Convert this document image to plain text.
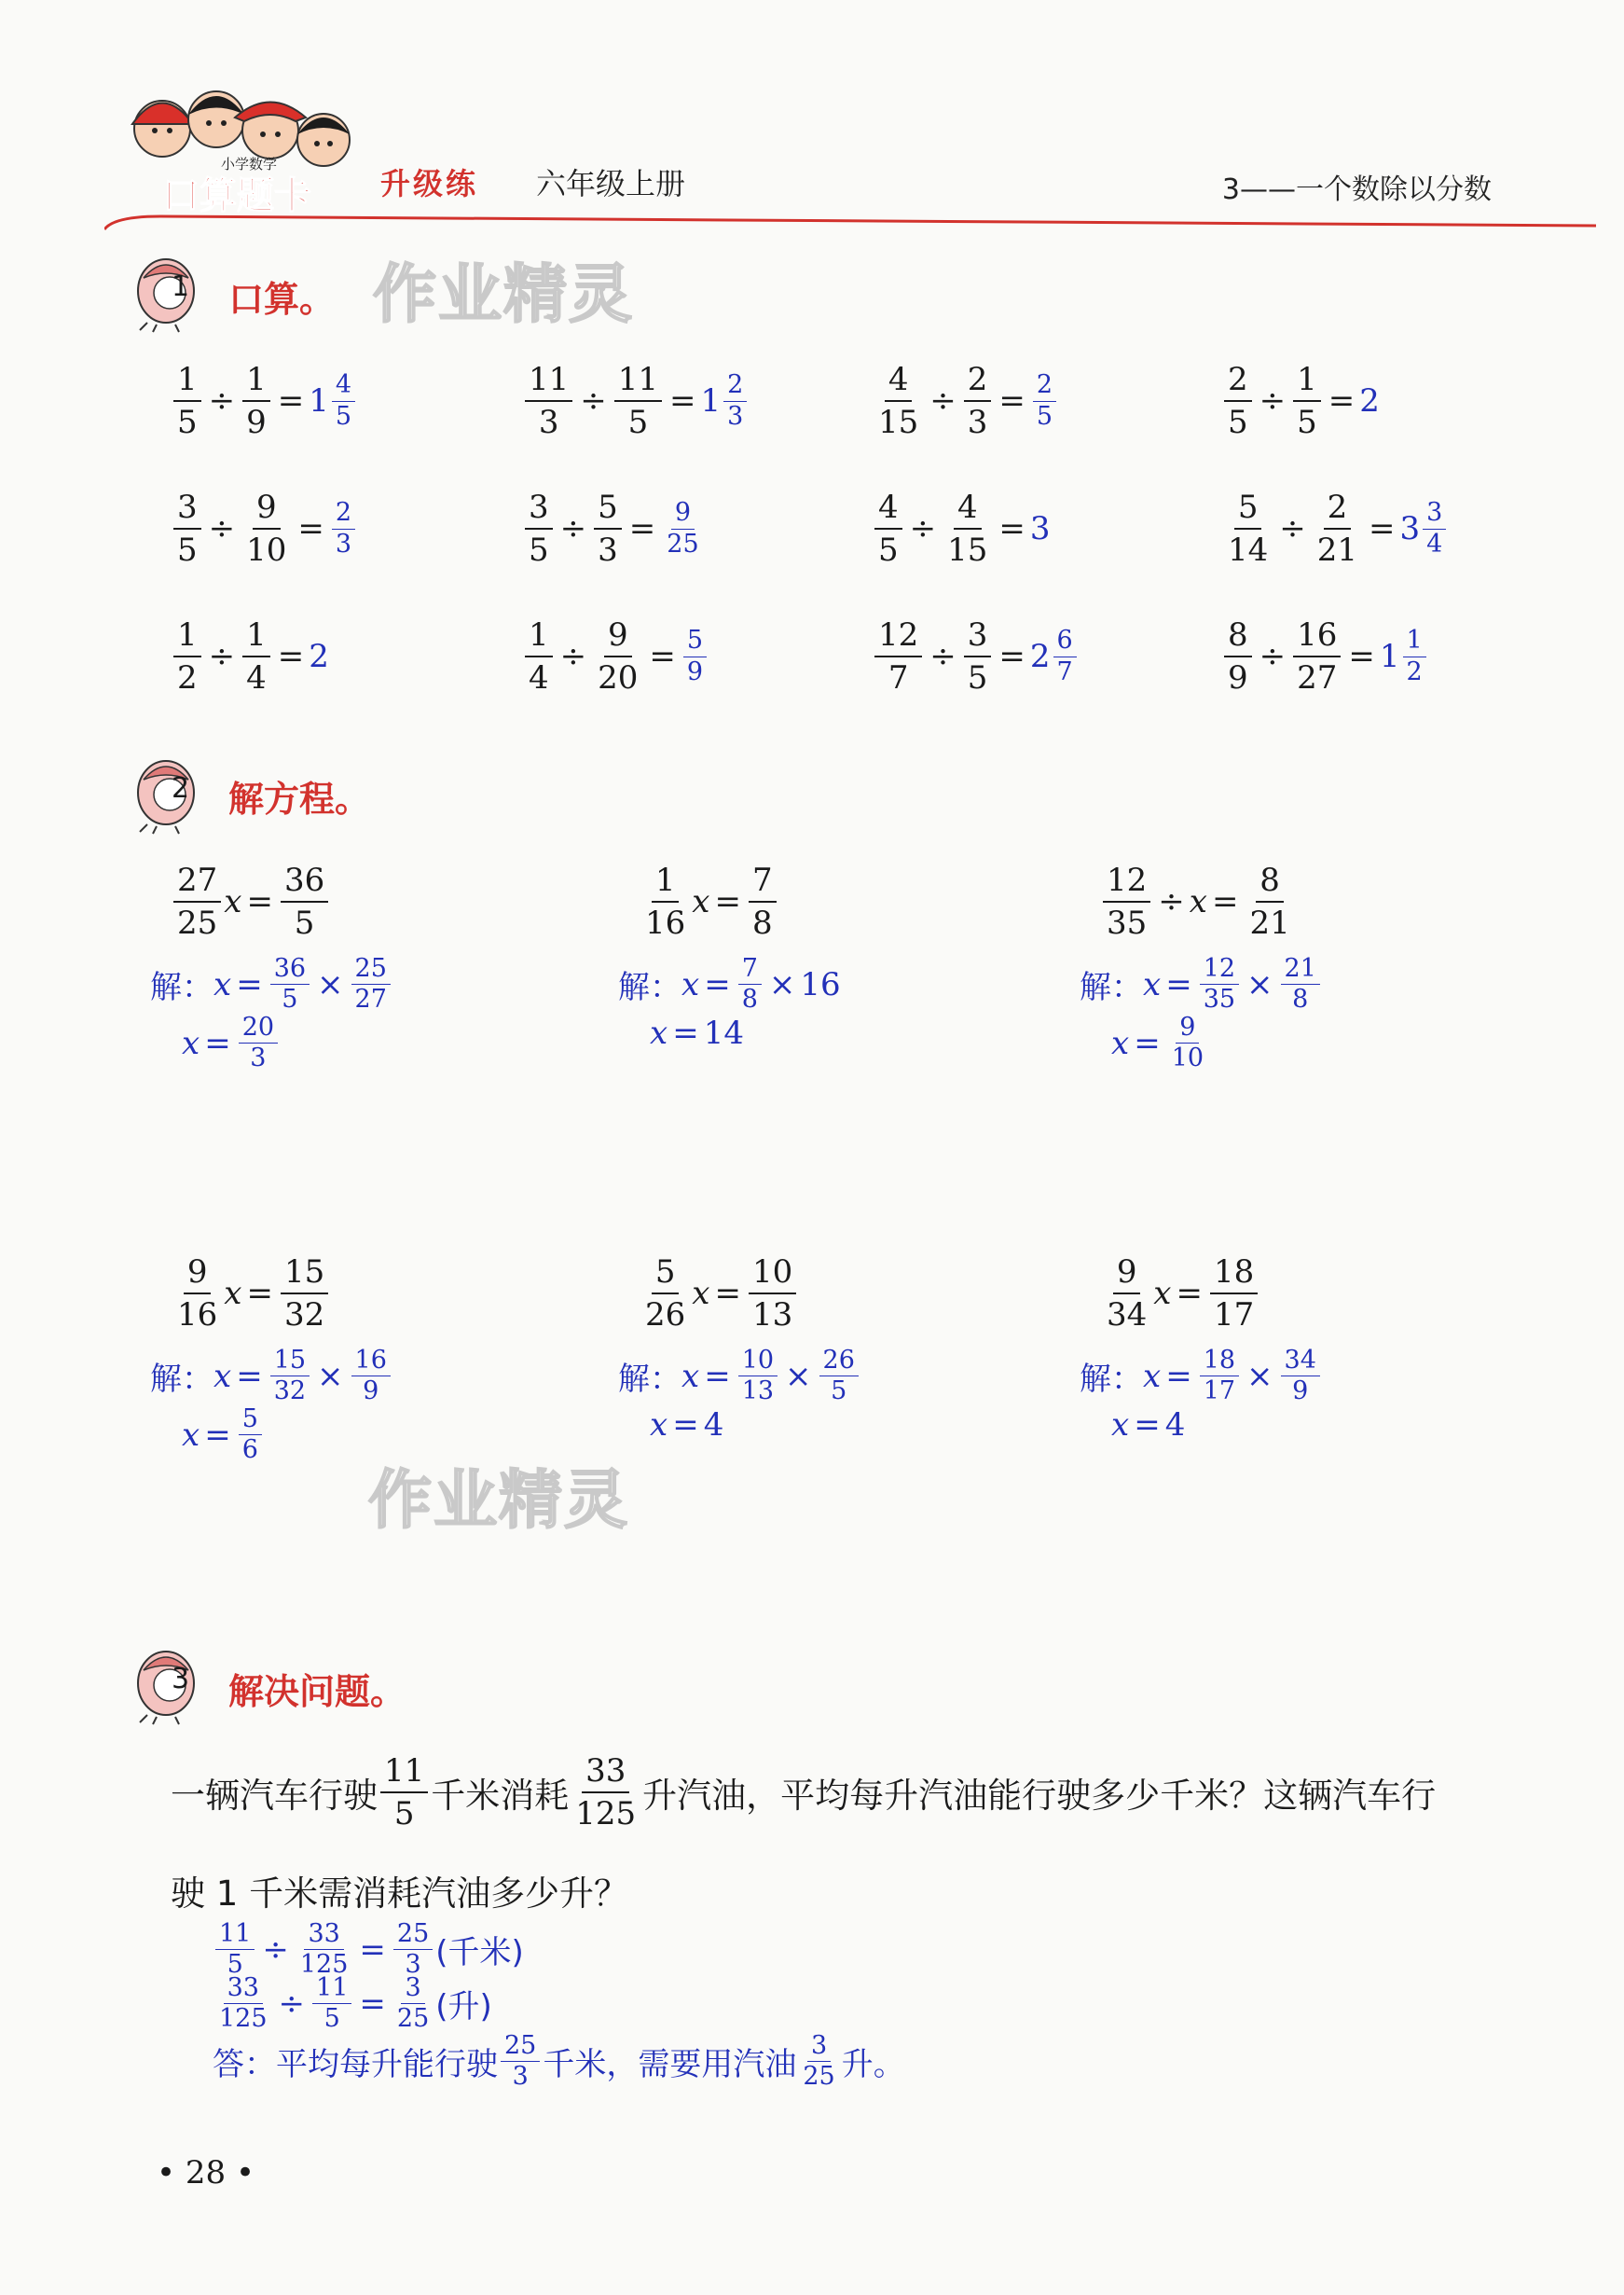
小学数学
口算题卡 升级练 六年级上册	3——一个数除以分数
1 口算。 作业精灵
$\frac{1}{5} \div \frac{1}{9} = 1 \frac{4}{5}$	$\frac{11}{3} \div \frac{11}{5} = 1 \frac{2}{3}$	$\frac{4}{15} \div \frac{2}{3} = \frac{2}{5}$	$\frac{2}{5} \div \frac{1}{5} = 2$
$\frac{3}{5} \div \frac{9}{10} = \frac{2}{3}$	$\frac{3}{5} \div \frac{5}{3} = \frac{9}{25}$	$\frac{4}{5} \div \frac{4}{15} = 3$	$\frac{5}{14} \div \frac{2}{21} = 3 \frac{3}{4}$
$\frac{1}{2} \div \frac{1}{4} = 2$	$\frac{1}{4} \div \frac{9}{20} = \frac{5}{9}$	$\frac{12}{7} \div \frac{3}{5} = 2 \frac{6}{7}$	$\frac{8}{9} \div \frac{16}{27} = 1 \frac{1}{2}$
2 解方程。
$\frac{27}{25}$ $x = \frac{36}{5}$
解： $x = \frac{36}{5} \times \frac{25}{27}$
$x = \frac{20}{3}$
$\frac{1}{16}$ $x = \frac{7}{8}$
解： $x = \frac{7}{8} \times 16$
x = 14
$\frac{12}{35} \div x = \frac{8}{21}$
解： $x = \frac{12}{35} \times \frac{21}{8}$
$x = \frac{9}{10}$
$\frac{9}{16}$ $x = \frac{15}{32}$
解： $x = \frac{15}{32} \times \frac{16}{9}$
$x = \frac{5}{6}$
$\frac{5}{26}$ $x = \frac{10}{13}$
解： $x = \frac{10}{13} \times \frac{26}{5}$
x = 4
$\frac{9}{34}$ $x = \frac{18}{17}$
解： $x = \frac{18}{17} \times \frac{34}{9}$
x = 4
作业精灵
3 解决问题。
一辆汽车行驶 $\frac{11}{5}$ 千米消耗 $\frac{33}{125}$ 升汽油，平均每升汽油能行驶多少千米？这辆汽车行
驶 1 千米需消耗汽油多少升？
$\frac{11}{5} \div \frac{33}{125} = \frac{25}{3}$ (千米)
$\frac{33}{125} \div \frac{11}{5} = \frac{3}{25}$ (升)
答：平均每升能行驶 $\frac{25}{3}$ 千米，需要用汽油 $\frac{3}{25}$ 升。
• 28 •
